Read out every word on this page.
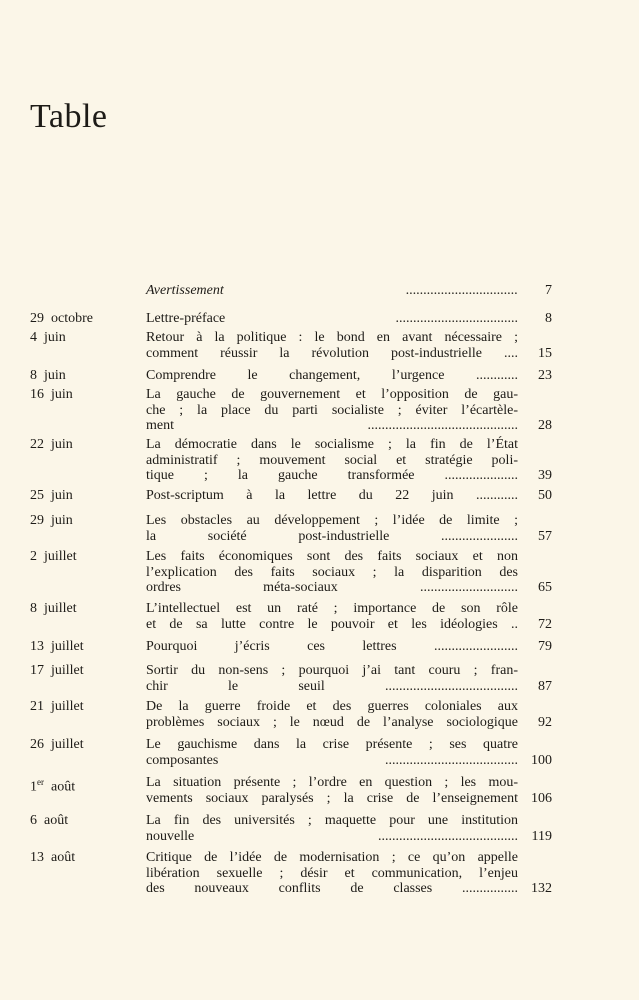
Table
Avertissement ................................	7
29  octobre	Lettre-préface ...................................	8
4  juin	Retour à la politique : le bond en avant nécessaire ;
comment réussir la révolution post-industrielle ....	15
8  juin	Comprendre le changement, l’urgence ............	23
16  juin	La gauche de gouvernement et l’opposition de gau-
che ; la place du parti socialiste ; éviter l’écartèle-
ment ...........................................	28
22  juin	La démocratie dans le socialisme ; la fin de l’État
administratif ; mouvement social et stratégie poli-
tique ; la gauche transformée .....................	39
25  juin	Post-scriptum à la lettre du 22 juin ............	50
29  juin	Les obstacles au développement ; l’idée de limite ;
la société post-industrielle ......................	57
2  juillet	Les faits économiques sont des faits sociaux et non
l’explication des faits sociaux ; la disparition des
ordres méta-sociaux ............................	65
8  juillet	L’intellectuel est un raté ; importance de son rôle
et de sa lutte contre le pouvoir et les idéologies ..	72
13  juillet	Pourquoi j’écris ces lettres ........................	79
17  juillet	Sortir du non-sens ; pourquoi j’ai tant couru ; fran-
chir le seuil ......................................	87
21  juillet	De la guerre froide et des guerres coloniales aux
problèmes sociaux ; le nœud de l’analyse sociologique	92
26  juillet	Le gauchisme dans la crise présente ; ses quatre
composantes ...................................... 100
1er  août	La situation présente ; l’ordre en question ; les mou-
vements sociaux paralysés ; la crise de l’enseignement 106
6  août	La fin des universités ; maquette pour une institution
nouvelle ........................................ 119
13  août	Critique de l’idée de modernisation ; ce qu’on appelle
libération sexuelle ; désir et communication, l’enjeu
des nouveaux conflits de classes ................ 132
